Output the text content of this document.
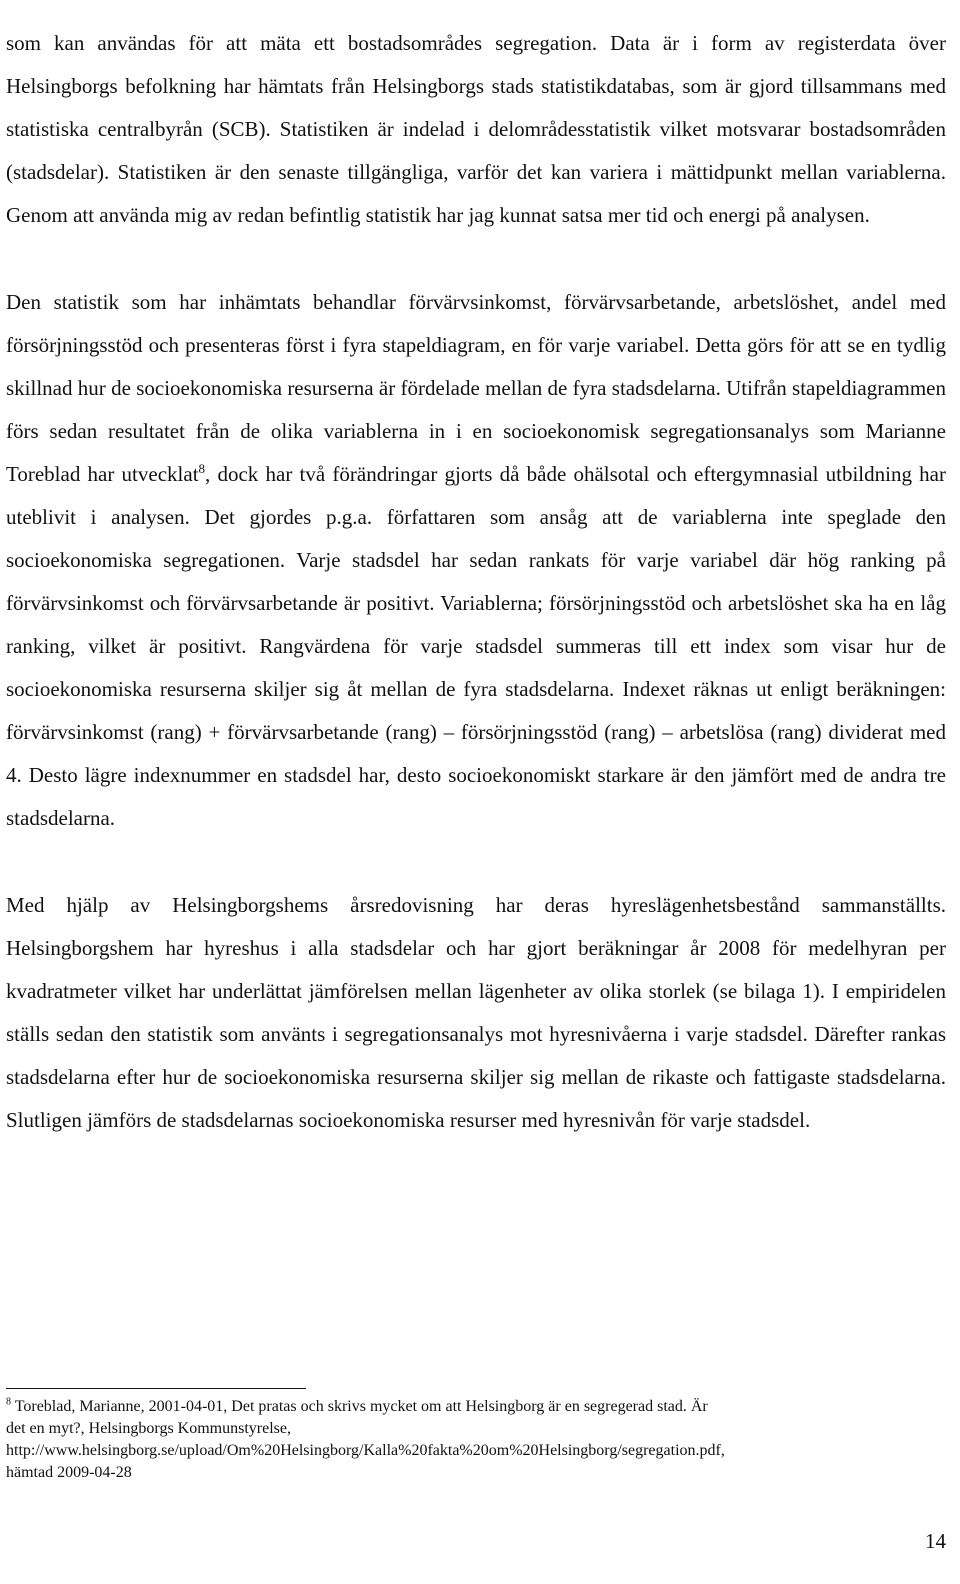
som kan användas för att mäta ett bostadsområdes segregation. Data är i form av registerdata över Helsingborgs befolkning har hämtats från Helsingborgs stads statistikdatabas, som är gjord tillsammans med statistiska centralbyrån (SCB). Statistiken är indelad i delområdesstatistik vilket motsvarar bostadsområden (stadsdelar). Statistiken är den senaste tillgängliga, varför det kan variera i mättidpunkt mellan variablerna. Genom att använda mig av redan befintlig statistik har jag kunnat satsa mer tid och energi på analysen.

Den statistik som har inhämtats behandlar förvärvsinkomst, förvärvsarbetande, arbetslöshet, andel med försörjningsstöd och presenteras först i fyra stapeldiagram, en för varje variabel. Detta görs för att se en tydlig skillnad hur de socioekonomiska resurserna är fördelade mellan de fyra stadsdelarna. Utifrån stapeldiagrammen förs sedan resultatet från de olika variablerna in i en socioekonomisk segregationsanalys som Marianne Toreblad har utvecklat$^8$, dock har två förändringar gjorts då både ohälsotal och eftergymnasial utbildning har uteblivit i analysen. Det gjordes p.g.a. författaren som ansåg att de variablerna inte speglade den socioekonomiska segregationen. Varje stadsdel har sedan rankats för varje variabel där hög ranking på förvärvsinkomst och förvärvsarbetande är positivt. Variablerna; försörjningsstöd och arbetslöshet ska ha en låg ranking, vilket är positivt. Rangvärdena för varje stadsdel summeras till ett index som visar hur de socioekonomiska resurserna skiljer sig åt mellan de fyra stadsdelarna. Indexet räknas ut enligt beräkningen: förvärvsinkomst (rang) + förvärvsarbetande (rang) – försörjningsstöd (rang) – arbetslösa (rang) dividerat med 4. Desto lägre indexnummer en stadsdel har, desto socioekonomiskt starkare är den jämfört med de andra tre stadsdelarna.

Med hjälp av Helsingborgshems årsredovisning har deras hyreslägenhetsbestånd sammanställts. Helsingborgshem har hyreshus i alla stadsdelar och har gjort beräkningar år 2008 för medelhyran per kvadratmeter vilket har underlättat jämförelsen mellan lägenheter av olika storlek (se bilaga 1). I empiridelen ställs sedan den statistik som använts i segregationsanalys mot hyresnivåerna i varje stadsdel. Därefter rankas stadsdelarna efter hur de socioekonomiska resurserna skiljer sig mellan de rikaste och fattigaste stadsdelarna. Slutligen jämförs de stadsdelarnas socioekonomiska resurser med hyresnivån för varje stadsdel.

$^8$ Toreblad, Marianne, 2001-04-01, Det pratas och skrivs mycket om att Helsingborg är en segregerad stad. Är
det en myt?, Helsingborgs Kommunstyrelse,
http://www.helsingborg.se/upload/Om%20Helsingborg/Kalla%20fakta%20om%20Helsingborg/segregation.pdf,
hämtad 2009-04-28
14
